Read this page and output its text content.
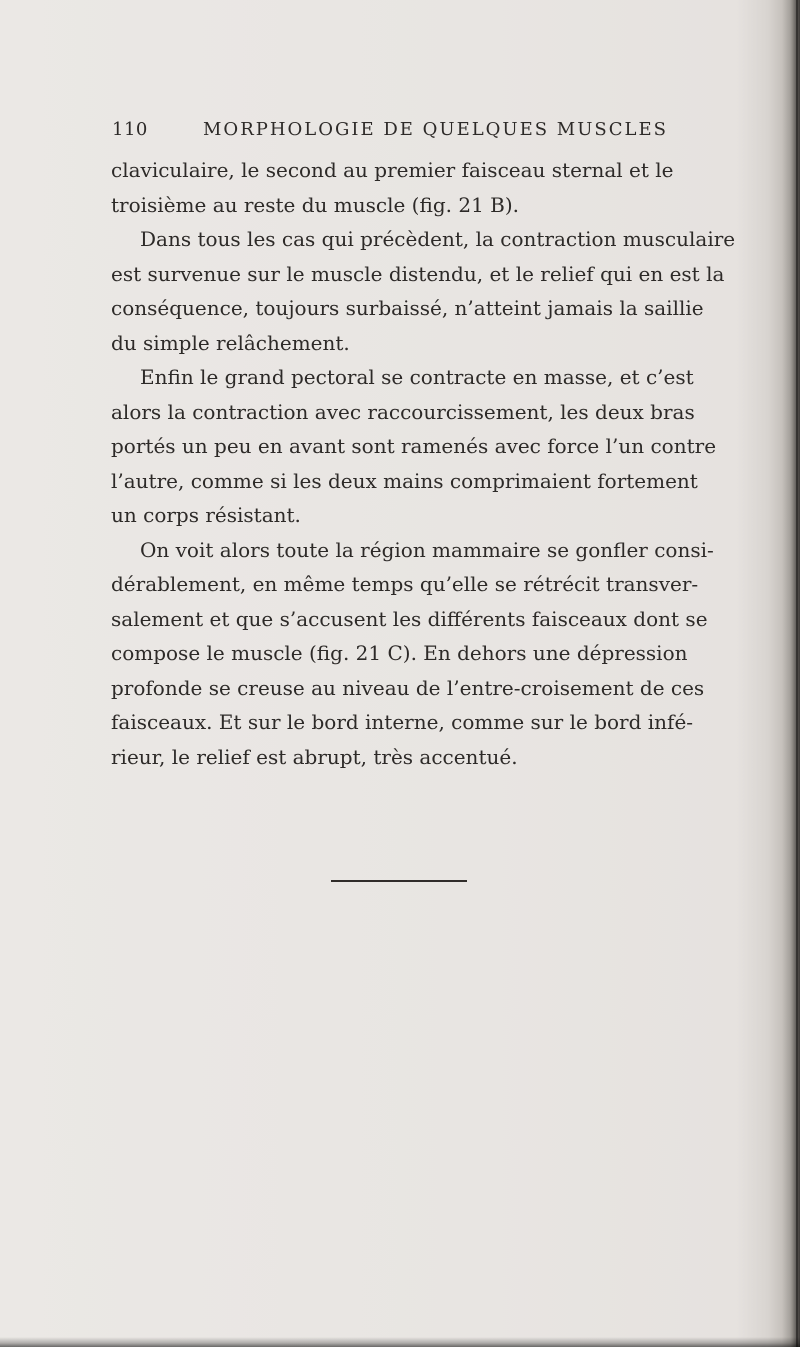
110	MORPHOLOGIE DE QUELQUES MUSCLES
claviculaire, le second au premier faisceau sternal et le
troisième au reste du muscle (fig. 21 B).
Dans tous les cas qui précèdent, la contraction musculaire
est survenue sur le muscle distendu, et le relief qui en est la
conséquence, toujours surbaissé, n’atteint jamais la saillie
du simple relâchement.
Enfin le grand pectoral se contracte en masse, et c’est
alors la contraction avec raccourcissement, les deux bras
portés un peu en avant sont ramenés avec force l’un contre
l’autre, comme si les deux mains comprimaient fortement
un corps résistant.
On voit alors toute la région mammaire se gonfler consi-
dérablement, en même temps qu’elle se rétrécit transver-
salement et que s’accusent les différents faisceaux dont se
compose le muscle (fig. 21 C). En dehors une dépression
profonde se creuse au niveau de l’entre-croisement de ces
faisceaux. Et sur le bord interne, comme sur le bord infé-
rieur, le relief est abrupt, très accentué.
